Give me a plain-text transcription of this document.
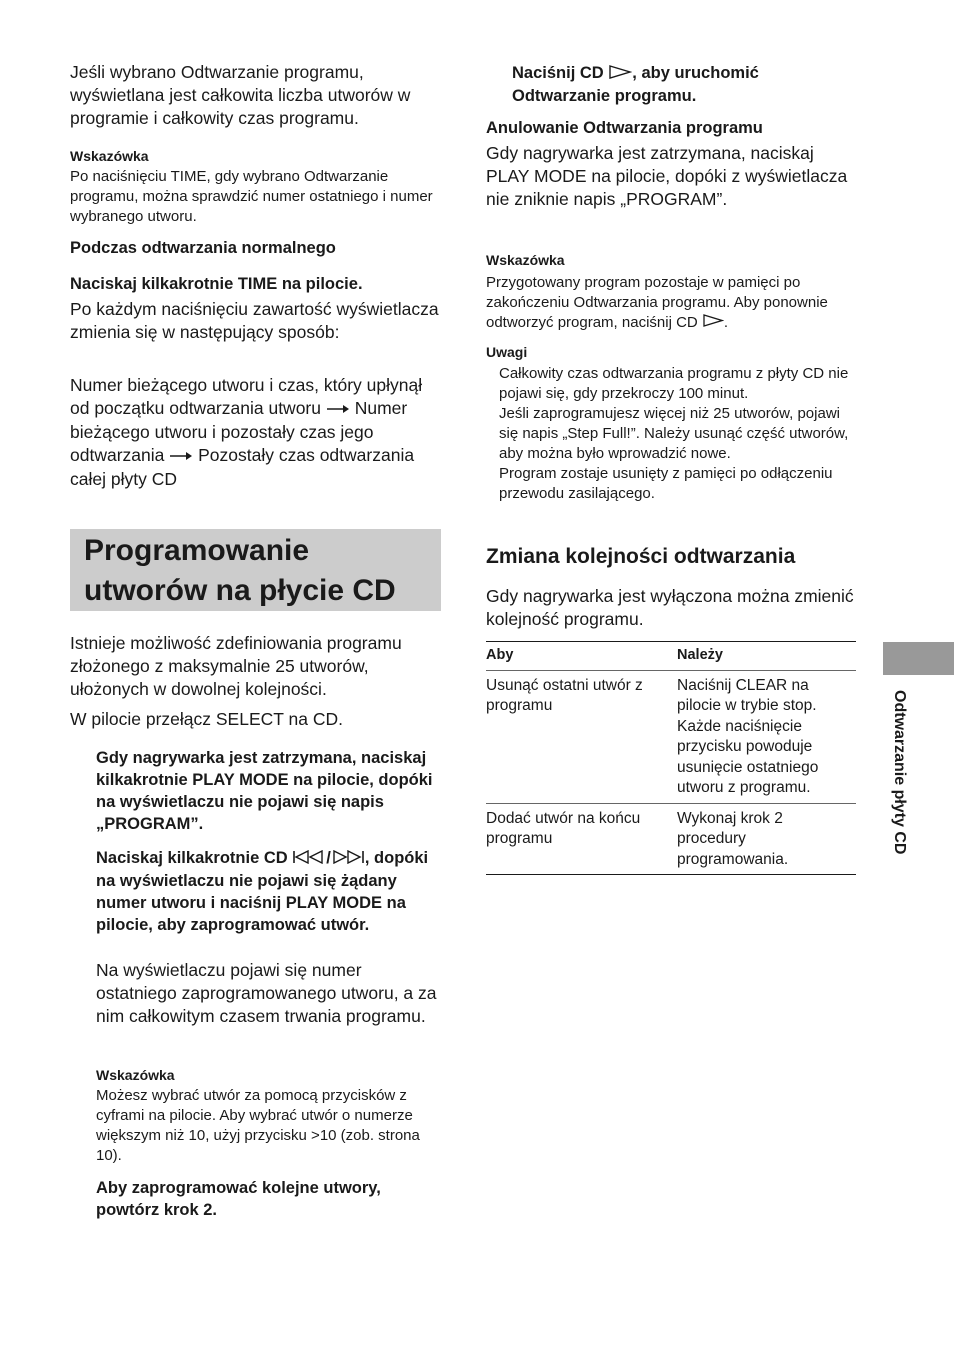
Jeśli wybrano Odtwarzanie programu, wyświetlana jest całkowita liczba utworów w programie i całkowity czas programu.

Wskazówka

Po naciśnięciu TIME, gdy wybrano Odtwarzanie programu, można sprawdzić numer ostatniego i numer wybranego utworu.

Podczas odtwarzania normalnego

Naciskaj kilkakrotnie TIME na pilocie.

Po każdym naciśnięciu zawartość wyświetlacza zmienia się w następujący sposób:

Numer bieżącego utworu i czas, który upłynął od początku odtwarzania utworu Numer bieżącego utworu i pozostały czas jego odtwarzania Pozostały czas odtwarzania całej płyty CD
Programowanie
utworów na płycie CD

Istnieje możliwość zdefiniowania programu złożonego z maksymalnie 25 utworów, ułożonych w dowolnej kolejności.

W pilocie przełącz SELECT na CD.

Gdy nagrywarka jest zatrzymana, naciskaj kilkakrotnie PLAY MODE na pilocie, dopóki na wyświetlaczu nie pojawi się napis „PROGRAM”.

Naciskaj kilkakrotnie CD / , dopóki na wyświetlaczu nie pojawi się żądany numer utworu i naciśnij PLAY MODE na pilocie, aby zaprogramować utwór.

Na wyświetlaczu pojawi się numer ostatniego zaprogramowanego utworu, a za nim całkowitym czasem trwania programu.

Wskazówka

Możesz wybrać utwór za pomocą przycisków z cyframi na pilocie. Aby wybrać utwór o numerze większym niż 10, użyj przycisku >10 (zob. strona 10).

Aby zaprogramować kolejne utwory, powtórz krok 2.

Naciśnij CD , aby uruchomić Odtwarzanie programu.

Anulowanie Odtwarzania programu

Gdy nagrywarka jest zatrzymana, naciskaj PLAY MODE na pilocie, dopóki z wyświetlacza nie zniknie napis „PROGRAM”.

Wskazówka

Przygotowany program pozostaje w pamięci po zakończeniu Odtwarzania programu. Aby ponownie odtworzyć program, naciśnij CD .

Uwagi

Całkowity czas odtwarzania programu z płyty CD nie pojawi się, gdy przekroczy 100 minut.

Jeśli zaprogramujesz więcej niż 25 utworów, pojawi się napis „Step Full!”. Należy usunąć część utworów, aby można było wprowadzić nowe.

Program zostaje usunięty z pamięci po odłączeniu przewodu zasilającego.

Zmiana kolejności odtwarzania

Gdy nagrywarka jest wyłączona można zmienić kolejność programu.

Aby	Należy
Usunąć ostatni utwór z programu	Naciśnij CLEAR na pilocie w trybie stop. Każde naciśnięcie przycisku powoduje usunięcie ostatniego utworu z programu.
Dodać utwór na końcu programu	Wykonaj krok 2 procedury programowania.
Odtwarzanie płyty CD
